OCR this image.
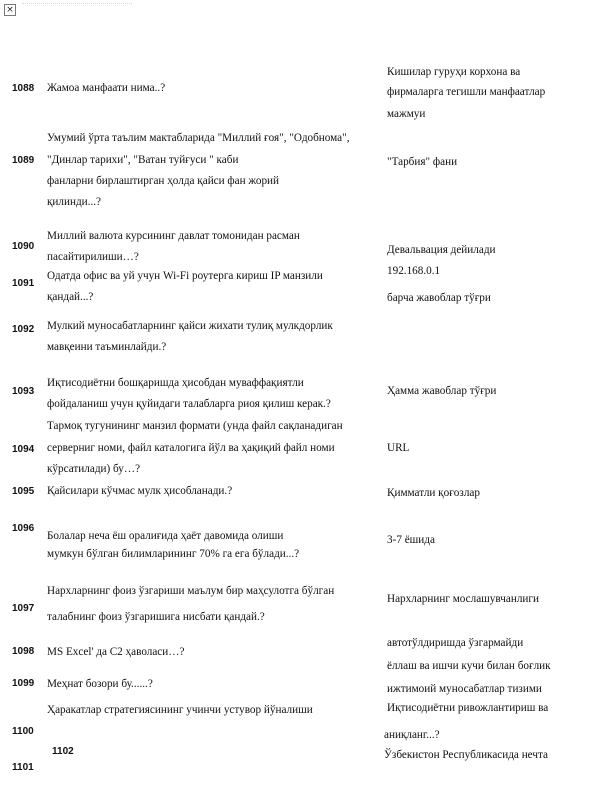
×
1088 Жамоа манфаати нима..?
Кишилар гуруҳи корхона ва
фирмаларга тегишли манфаатлар
мажмуи
1089
Умумий ўрта таълим мактабларида "Миллий ғоя", "Одобнома",
"Динлар тарихи", "Ватан туйғуси " каби
фанларни бирлаштирган ҳолда қайси фан жорий
қилинди...?
"Тарбия" фани
1090
Миллий валюта курсининг давлат томонидан расман
пасайтирилиши…?
Девальвация дейилади
1091
Одатда офис ва уй учун Wi-Fi роутерга кириш IP манзили
қандай...?
192.168.0.1
барча жавоблар тўғри
1092 Мулкий муносабатларнинг қайси жихати тулиқ мулкдорлик
мавқеини таъминлайди.?
1093
Иқтисодиётни бошқаришда ҳисобдан муваффақиятли
фойдаланиш учун қуйидаги талабларга риоя қилиш керак.?
Ҳамма жавоблар тўғри
1094
Тармоқ тугунининг манзил формати (унда файл сақланадиган
серверниг номи, файл каталогига йўл ва ҳақиқий файл номи
кўрсатилади) бу…?
URL
1095 Қайсилари кўчмас мулк ҳисобланади.?	Қимматли қоғозлар
1096
Болалар неча ёш оралиғида ҳаёт давомида олиши
мумкун бўлган билимларининг 70% га ега бўлади...?
3-7 ёшида
1097
Нархларнинг фоиз ўзгариши маълум бир маҳсулотга бўлган
талабнинг фоиз ўзгаришига нисбати қандай.?
Нархларнинг мослашувчанлиги
1098 MS Excel' да C2 ҳаволаси…?
автотўлдиришда ўзгармайди
1099 Меҳнат бозори бу......?
ёллаш ва ишчи кучи билан боғлик
ижтимоий муносабатлар тизими
1100
Ҳаракатлар стратегиясининг учинчи устувор йўналиши	Иқтисодиётни ривожлантириш ва
аниқланг...?
1101
Ўзбекистон Республикасида нечта
1102
